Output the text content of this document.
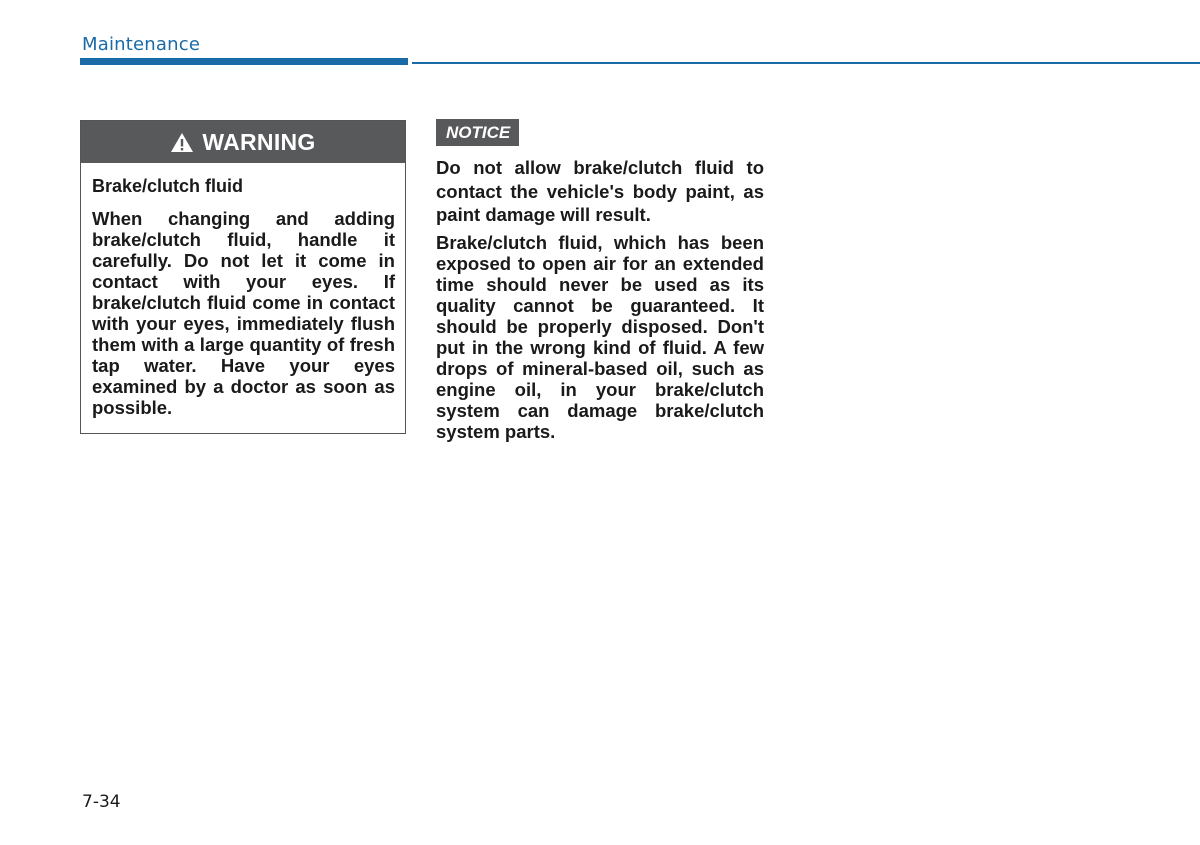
Maintenance
WARNING

Brake/clutch fluid

When changing and adding brake/clutch fluid, handle it carefully. Do not let it come in contact with your eyes. If brake/clutch fluid come in contact with your eyes, immediately flush them with a large quantity of fresh tap water. Have your eyes examined by a doctor as soon as possible.

NOTICE

Do not allow brake/clutch fluid to contact the vehicle's body paint, as paint damage will result.

Brake/clutch fluid, which has been exposed to open air for an extended time should never be used as its quality cannot be guaranteed. It should be properly disposed. Don't put in the wrong kind of fluid. A few drops of mineral-based oil, such as engine oil, in your brake/clutch system can damage brake/clutch system parts.

7-34
